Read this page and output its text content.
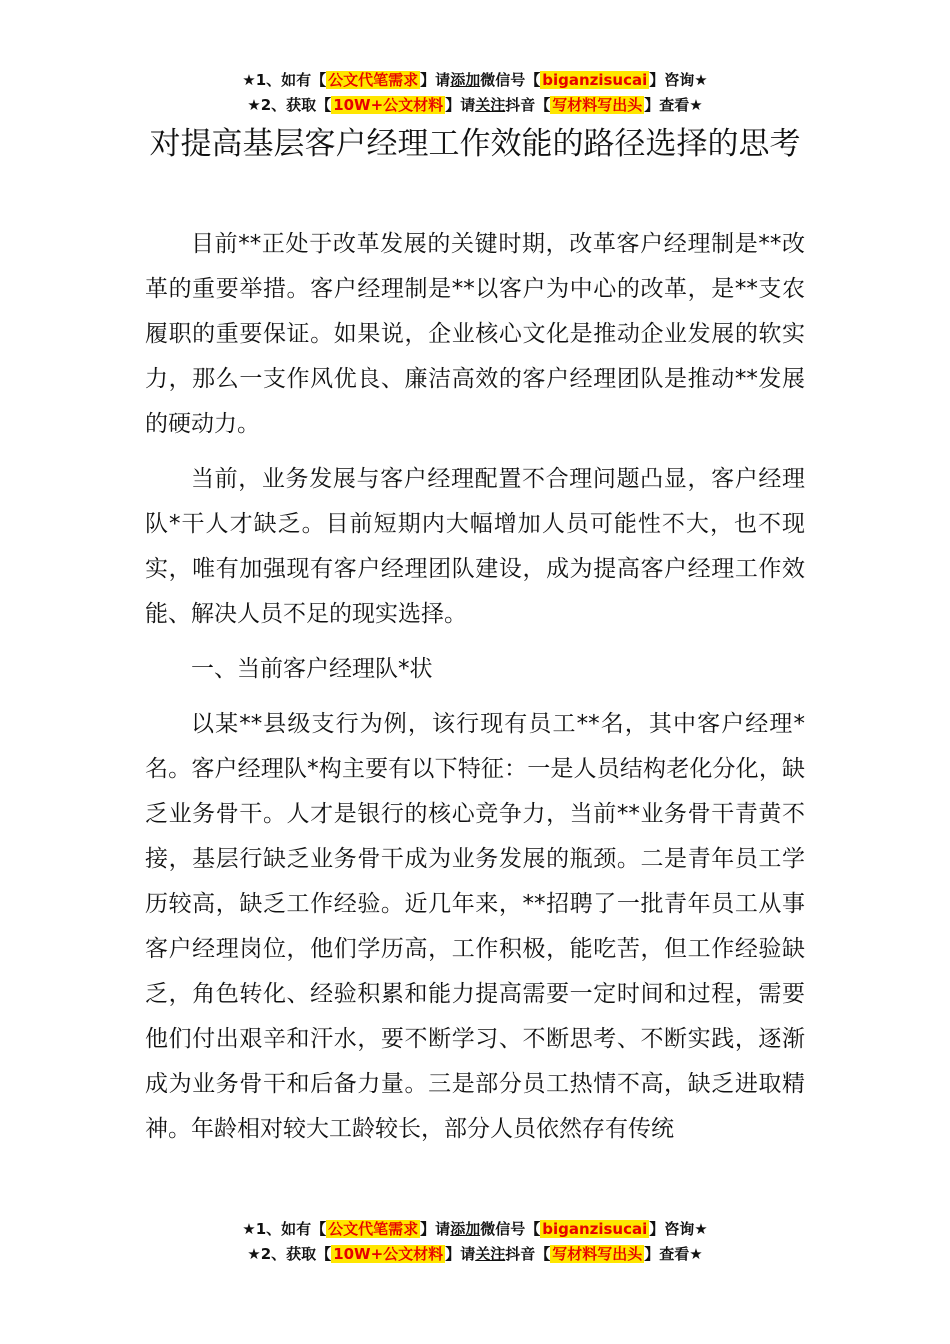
★1、如有【 公文代笔需求 】请添加微信号【 biganzisucai 】咨询★
★2、获取【 10W+公文材料 】请关注抖音【 写材料写出头 】查看★
对提高基层客户经理工作效能的路径选择的思考

目前**正处于改革发展的关键时期，改革客户经理制是**改革的重要举措。客户经理制是**以客户为中心的改革，是**支农履职的重要保证。如果说，企业核心文化是推动企业发展的软实力，那么一支作风优良、廉洁高效的客户经理团队是推动**发展的硬动力。

当前，业务发展与客户经理配置不合理问题凸显，客户经理队*干人才缺乏。目前短期内大幅增加人员可能性不大，也不现实，唯有加强现有客户经理团队建设，成为提高客户经理工作效能、解决人员不足的现实选择。

一、当前客户经理队*状

以某**县级支行为例，该行现有员工**名，其中客户经理*名。客户经理队*构主要有以下特征：一是人员结构老化分化，缺乏业务骨干。人才是银行的核心竞争力，当前**业务骨干青黄不接，基层行缺乏业务骨干成为业务发展的瓶颈。二是青年员工学历较高，缺乏工作经验。近几年来，**招聘了一批青年员工从事客户经理岗位，他们学历高，工作积极，能吃苦，但工作经验缺乏，角色转化、经验积累和能力提高需要一定时间和过程，需要他们付出艰辛和汗水，要不断学习、不断思考、不断实践，逐渐成为业务骨干和后备力量。三是部分员工热情不高，缺乏进取精神。年龄相对较大工龄较长，部分人员依然存有传统

★1、如有【 公文代笔需求 】请添加微信号【 biganzisucai 】咨询★
★2、获取【 10W+公文材料 】请关注抖音【 写材料写出头 】查看★
